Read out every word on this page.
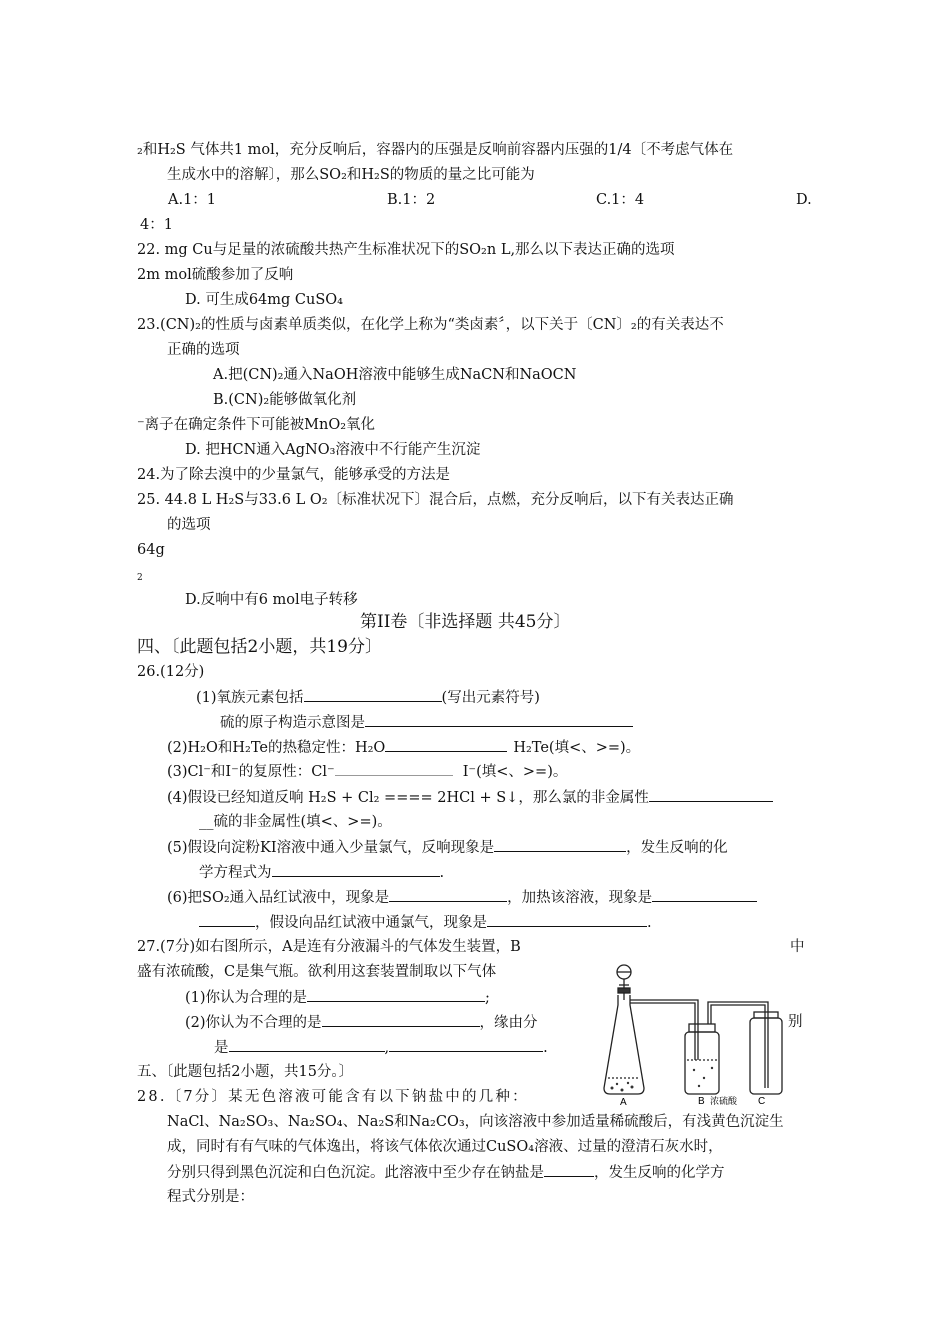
₂和H₂S 气体共1 mol，充分反响后，容器内的压强是反响前容器内压强的1/4〔不考虑气体在
生成水中的溶解〕，那么SO₂和H₂S的物质的量之比可能为
A.1：1	B.1：2	C.1：4	D.
4：1
22. mg Cu与足量的浓硫酸共热产生标准状况下的SO₂n L,那么以下表达正确的选项
2m mol硫酸参加了反响
D. 可生成64mg CuSO₄
23.(CN)₂的性质与卤素单质类似，在化学上称为“类卤素〞，以下关于〔CN〕₂的有关表达不
正确的选项
A.把(CN)₂通入NaOH溶液中能够生成NaCN和NaOCN
B.(CN)₂能够做氧化剂
⁻离子在确定条件下可能被MnO₂氧化
D. 把HCN通入AgNO₃溶液中不行能产生沉淀
24.为了除去溴中的少量氯气，能够承受的方法是
25. 44.8 L H₂S与33.6 L O₂〔标准状况下〕混合后，点燃，充分反响后，以下有关表达正确
的选项
64g
2
D.反响中有6 mol电子转移
第II卷〔非选择题 共45分〕
四、〔此题包括2小题，共19分〕
26.(12分)
(1)氧族元素包括	(写出元素符号)
硫的原子构造示意图是
(2)H₂O和H₂Te的热稳定性：H₂O	H₂Te(填<、>=)。
(3)Cl⁻和I⁻的复原性：Cl⁻	I⁻(填<、>=)。
(4)假设已经知道反响 H₂S + Cl₂ ==== 2HCl + S↓，那么氯的非金属性
__硫的非金属性(填<、>=)。
(5)假设向淀粉KI溶液中通入少量氯气，反响现象是	，发生反响的化
学方程式为	.
(6)把SO₂通入品红试液中，现象是	，加热该溶液，现象是
，假设向品红试液中通氯气，现象是	.
27.(7分)如右图所示，A是连有分液漏斗的气体发生装置，B	中
盛有浓硫酸，C是集气瓶。欲利用这套装置制取以下气体
(1)你认为合理的是	;
(2)你认为不合理的是	，缘由分	别
是	,	.
A	B 浓硫酸 C
五、〔此题包括2小题，共15分。〕
28.〔7分〕某无色溶液可能含有以下钠盐中的几种：
NaCl、Na₂SO₃、Na₂SO₄、Na₂S和Na₂CO₃，向该溶液中参加适量稀硫酸后，有浅黄色沉淀生
成，同时有有气味的气体逸出，将该气体依次通过CuSO₄溶液、过量的澄清石灰水时，
分别只得到黑色沉淀和白色沉淀。此溶液中至少存在钠盐是	，发生反响的化学方
程式分别是：
